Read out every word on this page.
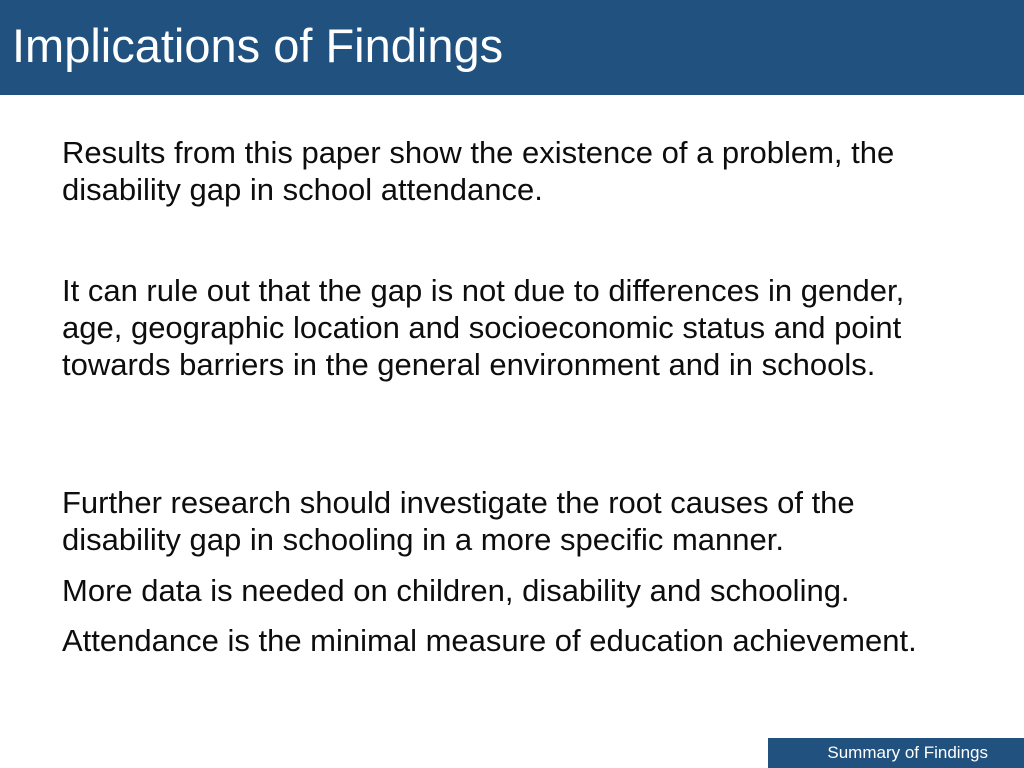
Implications of Findings

Results from this paper show the existence of a problem, the disability gap in school attendance.

It can rule out that the gap is not due to differences in gender, age, geographic location and socioeconomic status and point towards barriers in the general environment and in schools.

Further research should investigate the root causes of the disability gap in schooling in a more specific manner.

More data is needed on children, disability and schooling.

Attendance is the minimal measure of education achievement.

Summary of Findings
